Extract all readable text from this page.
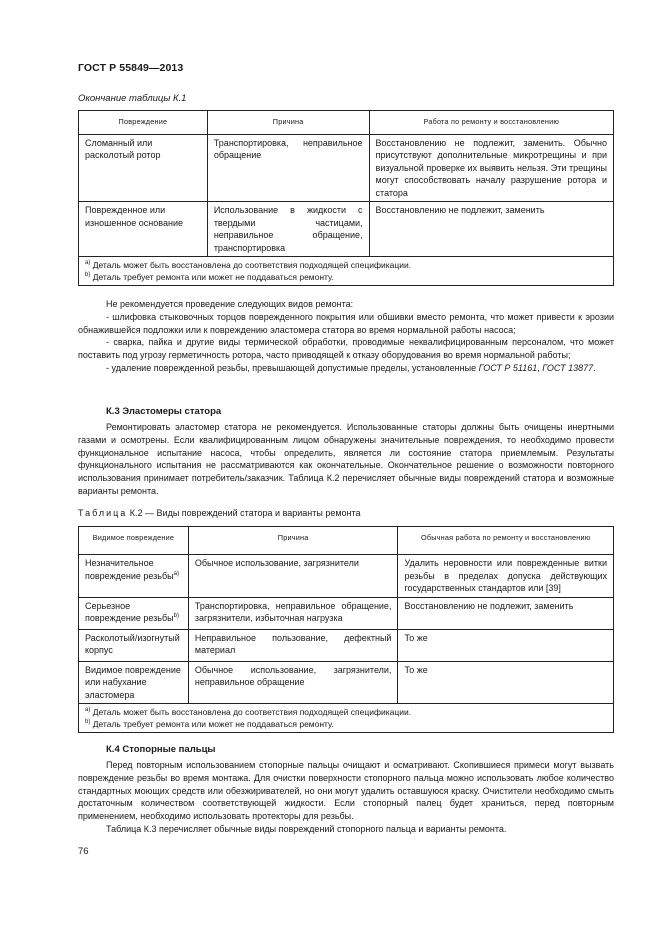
ГОСТ Р 55849—2013
Окончание таблицы К.1
Повреждение	Причина	Работа по ремонту и восстановлению
Сломанный или расколотый ротор	Транспортировка, неправильное обращение	Восстановлению не подлежит, заменить. Обычно присутствуют дополнительные микротрещины и при визуальной проверке их выявить нельзя. Эти трещины могут способствовать началу разрушение ротора и статора
Поврежденное или изношенное основание	Использование в жидкости с твердыми частицами, неправильное обращение, транспортировка	Восстановлению не подлежит, заменить

$^{a)}$ Деталь может быть восстановлена до соответствия подходящей спецификации.
$^{b)}$ Деталь требует ремонта или может не поддаваться ремонту.		

Не рекомендуется проведение следующих видов ремонта:

- шлифовка стыковочных торцов поврежденного покрытия или обшивки вместо ремонта, что может привести к эрозии обнажившейся подложки или к повреждению эластомера статора во время нормальной работы насоса;

- сварка, пайка и другие виды термической обработки, проводимые неквалифицированным персоналом, что может поставить под угрозу герметичность ротора, часто приводящей к отказу оборудования во время нормальной работы;

- удаление поврежденной резьбы, превышающей допустимые пределы, установленные ГОСТ Р 51161, ГОСТ 13877.

К.3 Эластомеры статора

Ремонтировать эластомер статора не рекомендуется. Использованные статоры должны быть очищены инертными газами и осмотрены. Если квалифицированным лицом обнаружены значительные повреждения, то необходимо провести функциональное испытание насоса, чтобы определить, является ли состояние статора приемлемым. Результаты функционального испытания не рассматриваются как окончательные. Окончательное решение о возможности повторного использования принимает потребитель/заказчик. Таблица К.2 перечисляет обычные виды повреждений статора и возможные варианты ремонта.

Таблица К.2 — Виды повреждений статора и варианты ремонта
Видимое повреждение	Причина	Обычная работа по ремонту и восстановлению
Незначительное повреждение резьбы$^{a)}$	Обычное использование, загрязнители	Удалить неровности или поврежденные витки резьбы в пределах допуска действующих государственных стандартов или [39]
Серьезное повреждение резьбы$^{b)}$	Транспортировка, неправильное обращение, загрязнители, избыточная нагрузка	Восстановлению не подлежит, заменить
Расколотый/изогнутый корпус	Неправильное пользование, дефектный материал	То же
Видимое повреждение или набухание эластомера	Обычное использование, загрязнители, неправильное обращение	То же

$^{a)}$ Деталь может быть восстановлена до соответствия подходящей спецификации.
$^{b)}$ Деталь требует ремонта или может не поддаваться ремонту.		
К.4 Стопорные пальцы

Перед повторным использованием стопорные пальцы очищают и осматривают. Скопившиеся примеси могут вызвать повреждение резьбы во время монтажа. Для очистки поверхности стопорного пальца можно использовать любое количество стандартных моющих средств или обезжиривателей, но они могут удалить оставшуюся краску. Очистители необходимо смыть достаточным количеством соответствующей жидкости. Если стопорный палец будет храниться, перед повторным применением, необходимо использовать протекторы для резьбы.

Таблица К.3 перечисляет обычные виды повреждений стопорного пальца и варианты ремонта.

76
